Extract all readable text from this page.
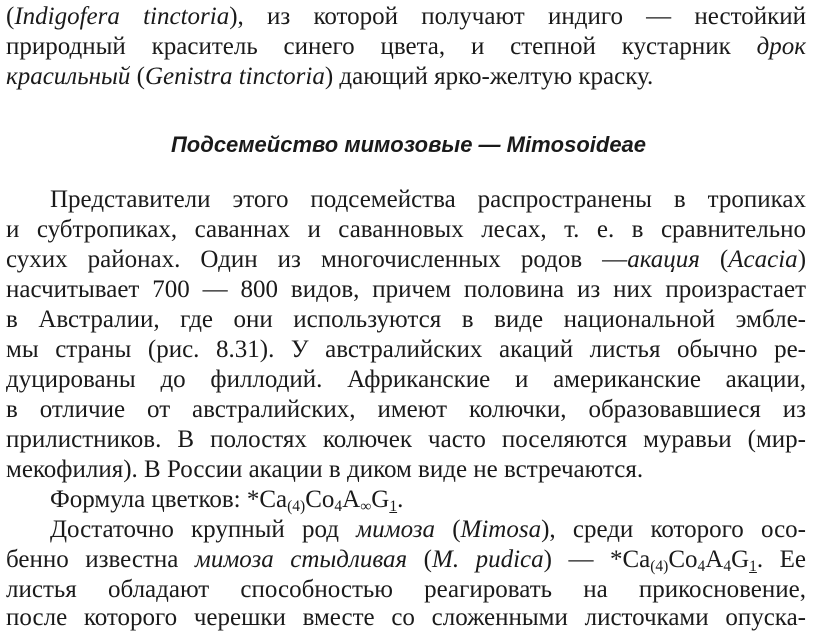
(Indigofera tinctoria), из которой получают индиго — нестойкий
природный краситель синего цвета, и степной кустарник дрок
красильный (Genistra tinctoria) дающий ярко-желтую краску.
Подсемейство мимозовые — Mimosoideae
Представители этого подсемейства распространены в тропиках
и субтропиках, саваннах и саванновых лесах, т. е. в сравнительно
сухих районах. Один из многочисленных родов —акация (Acacia)
насчитывает 700 — 800 видов, причем половина из них произрастает
в Австралии, где они используются в виде национальной эмбле-
мы страны (рис. 8.31). У австралийских акаций листья обычно ре-
дуцированы до филлодий. Африканские и американские акации,
в отличие от австралийских, имеют колючки, образовавшиеся из
прилистников. В полостях колючек часто поселяются муравьи (мир-
мекофилия). В России акации в диком виде не встречаются.
Формула цветков: $*Ca_{(4)}Co_4A_\infty G_1$.
Достаточно крупный род мимоза (Mimosa), среди которого осо-
бенно известна мимоза стыдливая (M. pudica) — $*Ca_{(4)}Co_4A_4G_1$. Ее
листья обладают способностью реагировать на прикосновение,
после которого черешки вместе со сложенными листочками опуска-
